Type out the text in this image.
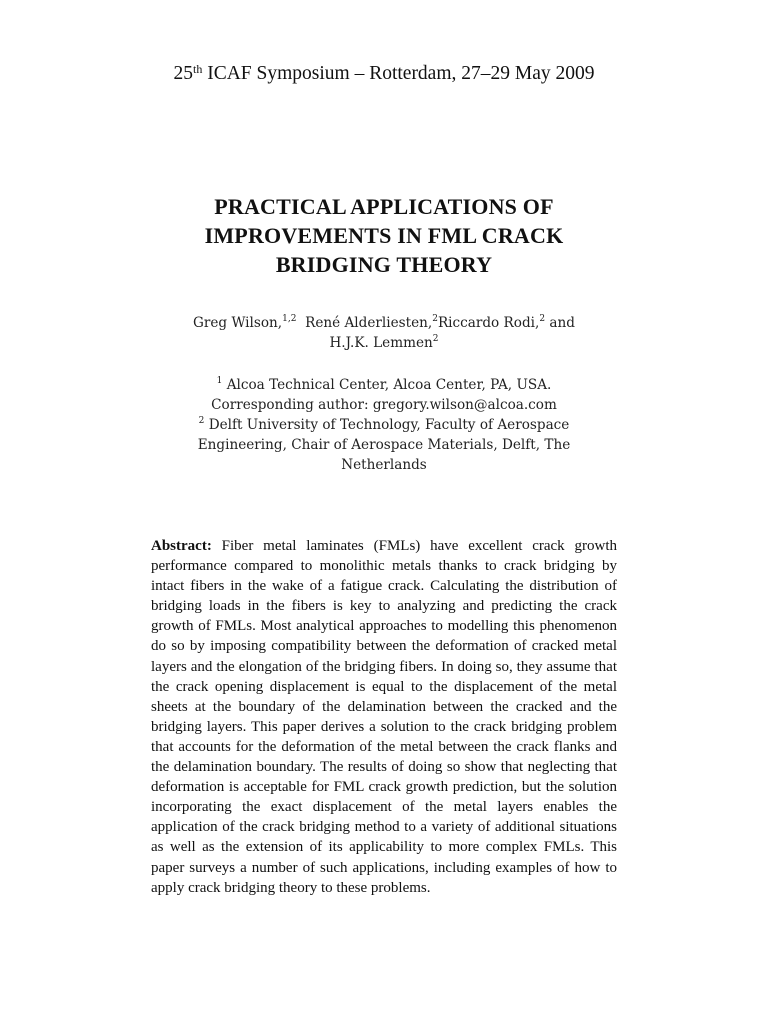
25th ICAF Symposium – Rotterdam, 27–29 May 2009
PRACTICAL APPLICATIONS OF
IMPROVEMENTS IN FML CRACK
BRIDGING THEORY
Greg Wilson,$^{1,2}$  René Alderliesten,$^2$Riccardo Rodi,$^2$ and
H.J.K. Lemmen$^2$
$^1$ Alcoa Technical Center, Alcoa Center, PA, USA.
Corresponding author: gregory.wilson@alcoa.com
$^2$ Delft University of Technology, Faculty of Aerospace
Engineering, Chair of Aerospace Materials, Delft, The
Netherlands
Abstract: Fiber metal laminates (FMLs) have excellent crack growth performance compared to monolithic metals thanks to crack bridging by intact fibers in the wake of a fatigue crack. Calculating the distribution of bridging loads in the fibers is key to analyzing and predicting the crack growth of FMLs. Most analytical approaches to modelling this phenomenon do so by imposing compatibility between the deformation of cracked metal layers and the elongation of the bridging fibers. In doing so, they assume that the crack opening displacement is equal to the displacement of the metal sheets at the boundary of the delamination between the cracked and the bridging layers. This paper derives a solution to the crack bridging problem that accounts for the deformation of the metal between the crack flanks and the delamination boundary. The results of doing so show that neglecting that deformation is acceptable for FML crack growth prediction, but the solution incorporating the exact displacement of the metal layers enables the application of the crack bridging method to a variety of additional situations as well as the extension of its applicability to more complex FMLs. This paper surveys a number of such applications, including examples of how to apply crack bridging theory to these problems.
